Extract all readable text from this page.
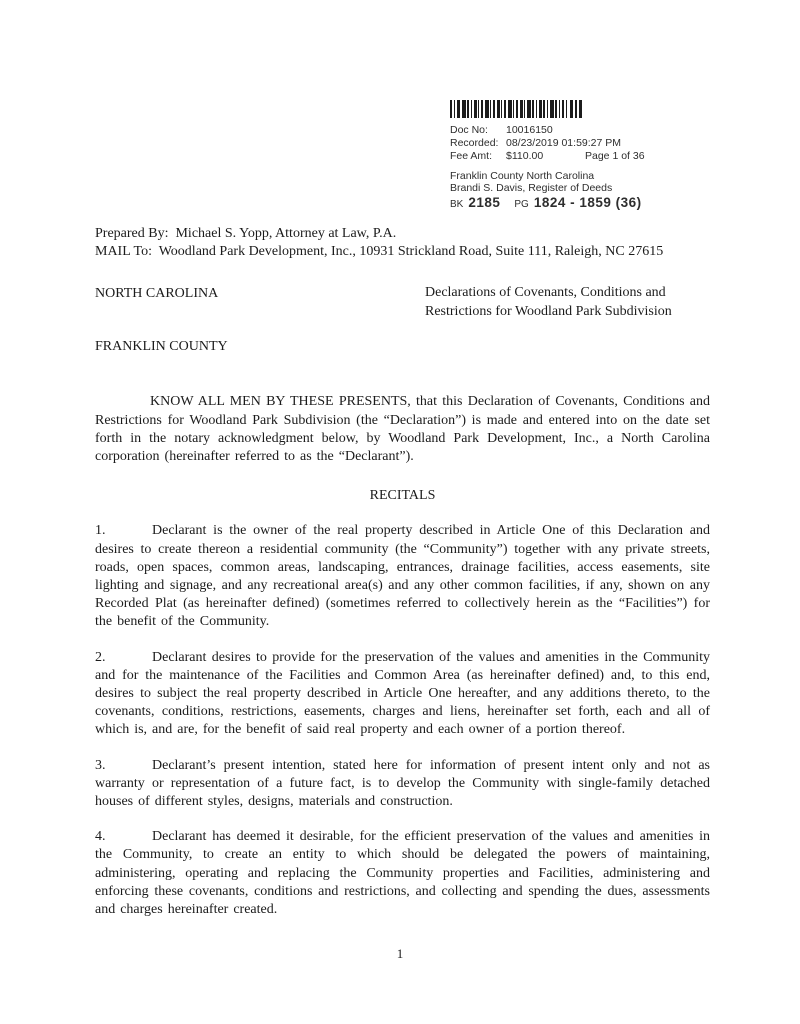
Doc No:	10016150
Recorded: 08/23/2019 01:59:27 PM
Fee Amt:	$110.00	Page 1 of 36
Franklin County North Carolina
Brandi S. Davis, Register of Deeds
BK 2185 PG 1824 - 1859 (36)
Prepared By:  Michael S. Yopp, Attorney at Law, P.A.
MAIL To:  Woodland Park Development, Inc., 10931 Strickland Road, Suite 111, Raleigh, NC 27615
NORTH CAROLINA
FRANKLIN COUNTY
Declarations of Covenants, Conditions and Restrictions for Woodland Park Subdivision

KNOW ALL MEN BY THESE PRESENTS, that this Declaration of Covenants, Conditions and Restrictions for Woodland Park Subdivision (the “Declaration”) is made and entered into on the date set forth in the notary acknowledgment below, by Woodland Park Development, Inc., a North Carolina corporation (hereinafter referred to as the “Declarant”).

RECITALS

1.	Declarant is the owner of the real property described in Article One of this Declaration and desires to create thereon a residential community (the “Community”) together with any private streets, roads, open spaces, common areas, landscaping, entrances, drainage facilities, access easements, site lighting and signage, and any recreational area(s) and any other common facilities, if any, shown on any Recorded Plat (as hereinafter defined) (sometimes referred to collectively herein as the “Facilities”) for the benefit of the Community.

2.	Declarant desires to provide for the preservation of the values and amenities in the Community and for the maintenance of the Facilities and Common Area (as hereinafter defined) and, to this end, desires to subject the real property described in Article One hereafter, and any additions thereto, to the covenants, conditions, restrictions, easements, charges and liens, hereinafter set forth, each and all of which is, and are, for the benefit of said real property and each owner of a portion thereof.

3.	Declarant’s present intention, stated here for information of present intent only and not as warranty or representation of a future fact, is to develop the Community with single-family detached houses of different styles, designs, materials and construction.

4.	Declarant has deemed it desirable, for the efficient preservation of the values and amenities in the Community, to create an entity to which should be delegated the powers of maintaining, administering, operating and replacing the Community properties and Facilities, administering and enforcing these covenants, conditions and restrictions, and collecting and spending the dues, assessments and charges hereinafter created.

1
